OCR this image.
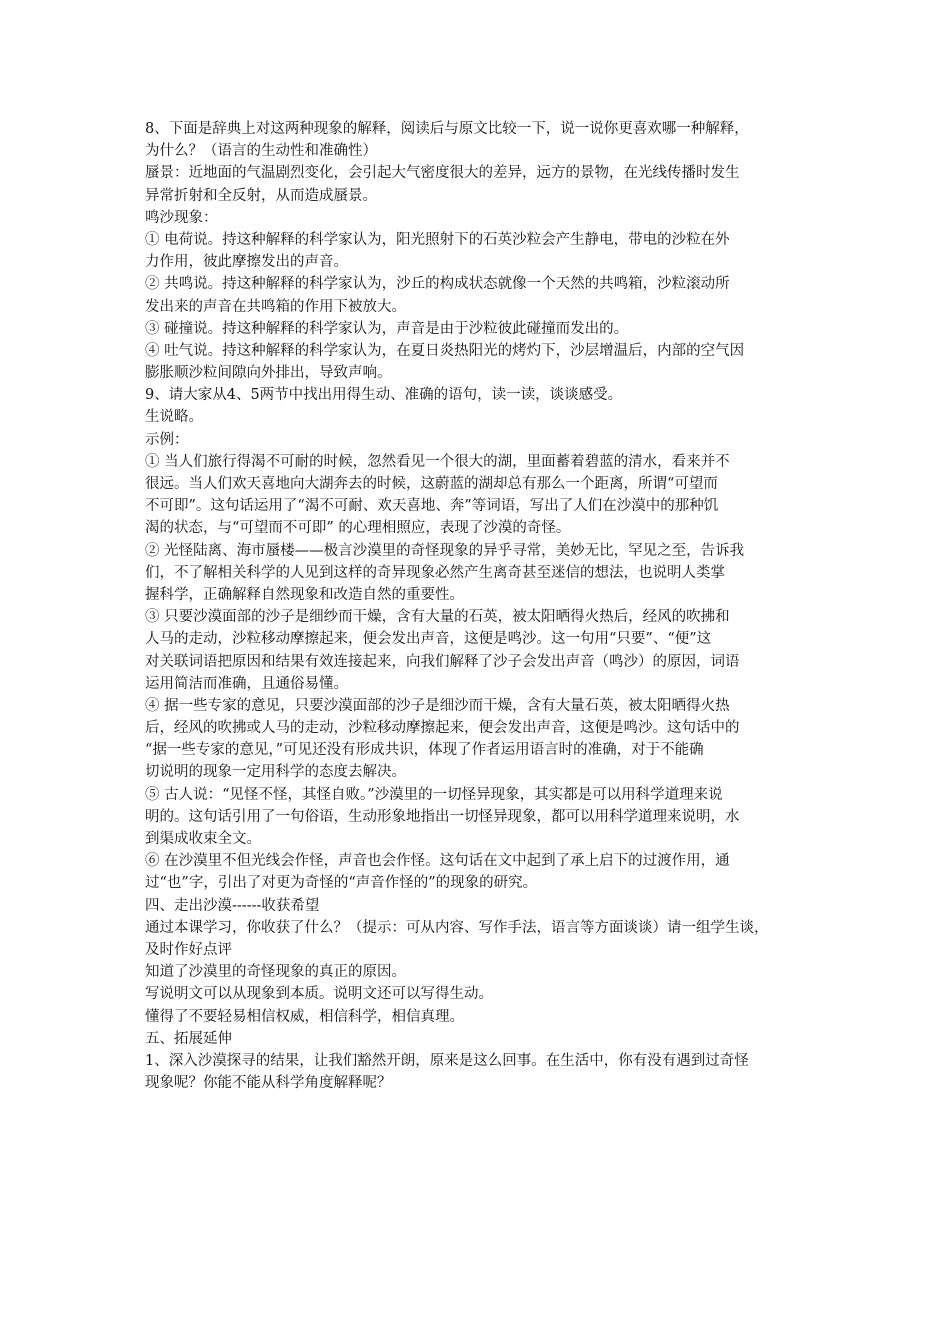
8、下面是辞典上对这两种现象的解释，阅读后与原文比较一下，说一说你更喜欢哪一种解释，
为什么？（语言的生动性和准确性）
蜃景：近地面的气温剧烈变化，会引起大气密度很大的差异，远方的景物，在光线传播时发生
异常折射和全反射，从而造成蜃景。
鸣沙现象：
① 电荷说。持这种解释的科学家认为，阳光照射下的石英沙粒会产生静电，带电的沙粒在外
力作用，彼此摩擦发出的声音。
② 共鸣说。持这种解释的科学家认为，沙丘的构成状态就像一个天然的共鸣箱，沙粒滚动所
发出来的声音在共鸣箱的作用下被放大。
③ 碰撞说。持这种解释的科学家认为，声音是由于沙粒彼此碰撞而发出的。
④ 吐气说。持这种解释的科学家认为，在夏日炎热阳光的烤灼下，沙层增温后，内部的空气因
膨胀顺沙粒间隙向外排出，导致声响。
9、请大家从4、5两节中找出用得生动、准确的语句，读一读，谈谈感受。
生说略。
示例：
① 当人们旅行得渴不可耐的时候，忽然看见一个很大的湖，里面蓄着碧蓝的清水，看来并不
很远。当人们欢天喜地向大湖奔去的时候，这蔚蓝的湖却总有那么一个距离，所谓“可望而
不可即”。这句话运用了“渴不可耐、欢天喜地、奔”等词语，写出了人们在沙漠中的那种饥
渴的状态，与“可望而不可即” 的心理相照应，表现了沙漠的奇怪。
② 光怪陆离、海市蜃楼——极言沙漠里的奇怪现象的异乎寻常，美妙无比，罕见之至，告诉我
们，不了解相关科学的人见到这样的奇异现象必然产生离奇甚至迷信的想法，也说明人类掌
握科学，正确解释自然现象和改造自然的重要性。
③ 只要沙漠面部的沙子是细纱而干燥，含有大量的石英，被太阳晒得火热后，经风的吹拂和
人马的走动，沙粒移动摩擦起来，便会发出声音，这便是鸣沙。这一句用“只要”、“便”这
对关联词语把原因和结果有效连接起来，向我们解释了沙子会发出声音（鸣沙）的原因，词语
运用简洁而准确，且通俗易懂。
④ 据一些专家的意见，只要沙漠面部的沙子是细沙而干燥，含有大量石英，被太阳晒得火热
后，经风的吹拂或人马的走动，沙粒移动摩擦起来，便会发出声音，这便是鸣沙。这句话中的
“据一些专家的意见，”可见还没有形成共识，体现了作者运用语言时的准确，对于不能确
切说明的现象一定用科学的态度去解决。
⑤ 古人说：“见怪不怪，其怪自败。”沙漠里的一切怪异现象，其实都是可以用科学道理来说
明的。这句话引用了一句俗语，生动形象地指出一切怪异现象，都可以用科学道理来说明，水
到渠成收束全文。
⑥ 在沙漠里不但光线会作怪，声音也会作怪。这句话在文中起到了承上启下的过渡作用，通
过“也”字，引出了对更为奇怪的“声音作怪的”的现象的研究。
四、走出沙漠------收获希望
通过本课学习，你收获了什么？（提示：可从内容、写作手法，语言等方面谈谈）请一组学生谈，
及时作好点评
知道了沙漠里的奇怪现象的真正的原因。
写说明文可以从现象到本质。说明文还可以写得生动。
懂得了不要轻易相信权威，相信科学，相信真理。
五、拓展延伸
1、深入沙漠探寻的结果，让我们豁然开朗，原来是这么回事。在生活中，你有没有遇到过奇怪
现象呢？你能不能从科学角度解释呢？
